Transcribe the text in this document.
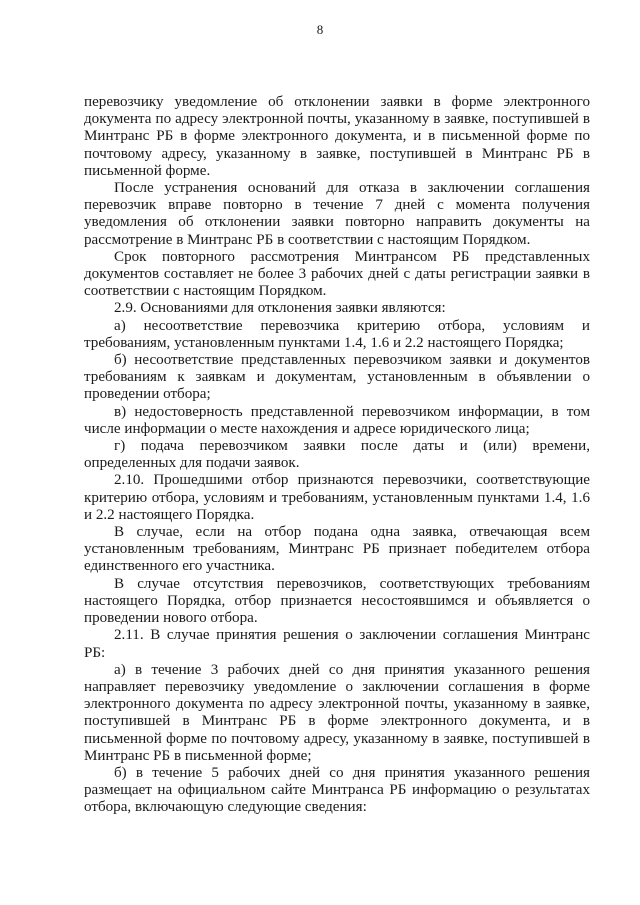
8

перевозчику уведомление об отклонении заявки в форме электронного документа по адресу электронной почты, указанному в заявке, поступившей в Минтранс РБ в форме электронного документа, и в письменной форме по почтовому адресу, указанному в заявке, поступившей в Минтранс РБ в письменной форме.

После устранения оснований для отказа в заключении соглашения перевозчик вправе повторно в течение 7 дней с момента получения уведомления об отклонении заявки повторно направить документы на рассмотрение в Минтранс РБ в соответствии с настоящим Порядком.

Срок повторного рассмотрения Минтрансом РБ представленных документов составляет не более 3 рабочих дней с даты регистрации заявки в соответствии с настоящим Порядком.

2.9. Основаниями для отклонения заявки являются:

а) несоответствие перевозчика критерию отбора, условиям и требованиям, установленным пунктами 1.4, 1.6 и 2.2 настоящего Порядка;

б) несоответствие представленных перевозчиком заявки и документов требованиям к заявкам и документам, установленным в объявлении о проведении отбора;

в) недостоверность представленной перевозчиком информации, в том числе информации о месте нахождения и адресе юридического лица;

г) подача перевозчиком заявки после даты и (или) времени, определенных для подачи заявок.

2.10. Прошедшими отбор признаются перевозчики, соответствующие критерию отбора, условиям и требованиям, установленным пунктами 1.4, 1.6 и 2.2 настоящего Порядка.

В случае, если на отбор подана одна заявка, отвечающая всем установленным требованиям, Минтранс РБ признает победителем отбора единственного его участника.

В случае отсутствия перевозчиков, соответствующих требованиям настоящего Порядка, отбор признается несостоявшимся и объявляется о проведении нового отбора.

2.11. В случае принятия решения о заключении соглашения Минтранс РБ:

а) в течение 3 рабочих дней со дня принятия указанного решения направляет перевозчику уведомление о заключении соглашения в форме электронного документа по адресу электронной почты, указанному в заявке, поступившей в Минтранс РБ в форме электронного документа, и в письменной форме по почтовому адресу, указанному в заявке, поступившей в Минтранс РБ в письменной форме;

б) в течение 5 рабочих дней со дня принятия указанного решения размещает на официальном сайте Минтранса РБ информацию о результатах отбора, включающую следующие сведения:
